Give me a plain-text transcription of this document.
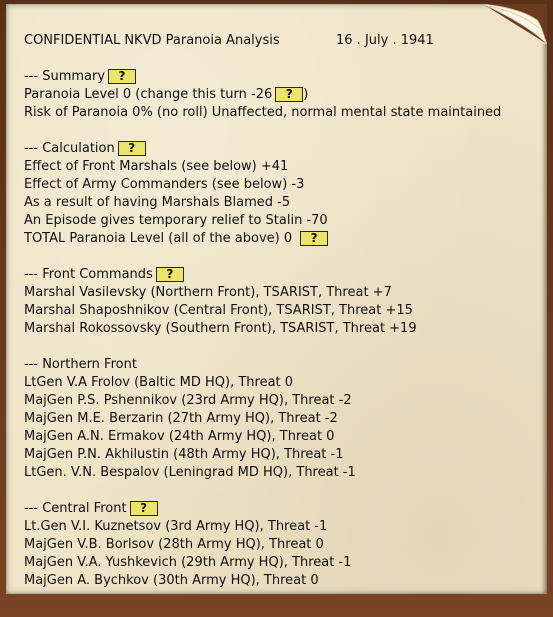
CONFIDENTIAL NKVD Paranoia Analysis	16 . July . 1941
--- Summary ?
Paranoia Level 0 (change this turn -26 ? )
Risk of Paranoia 0% (no roll) Unaffected, normal mental state maintained
--- Calculation ?
Effect of Front Marshals (see below) +41
Effect of Army Commanders (see below) -3
As a result of having Marshals Blamed -5
An Episode gives temporary relief to Stalin -70
TOTAL Paranoia Level (all of the above) 0 ?
--- Front Commands ?
Marshal Vasilevsky (Northern Front), TSARIST, Threat +7
Marshal Shaposhnikov (Central Front), TSARIST, Threat +15
Marshal Rokossovsky (Southern Front), TSARIST, Threat +19
--- Northern Front
LtGen V.A Frolov (Baltic MD HQ), Threat 0
MajGen P.S. Pshennikov (23rd Army HQ), Threat -2
MajGen M.E. Berzarin (27th Army HQ), Threat -2
MajGen A.N. Ermakov (24th Army HQ), Threat 0
MajGen P.N. Akhilustin (48th Army HQ), Threat -1
LtGen. V.N. Bespalov (Leningrad MD HQ), Threat -1
--- Central Front ?
Lt.Gen V.I. Kuznetsov (3rd Army HQ), Threat -1
MajGen V.B. Borlsov (28th Army HQ), Threat 0
MajGen V.A. Yushkevich (29th Army HQ), Threat -1
MajGen A. Bychkov (30th Army HQ), Threat 0
